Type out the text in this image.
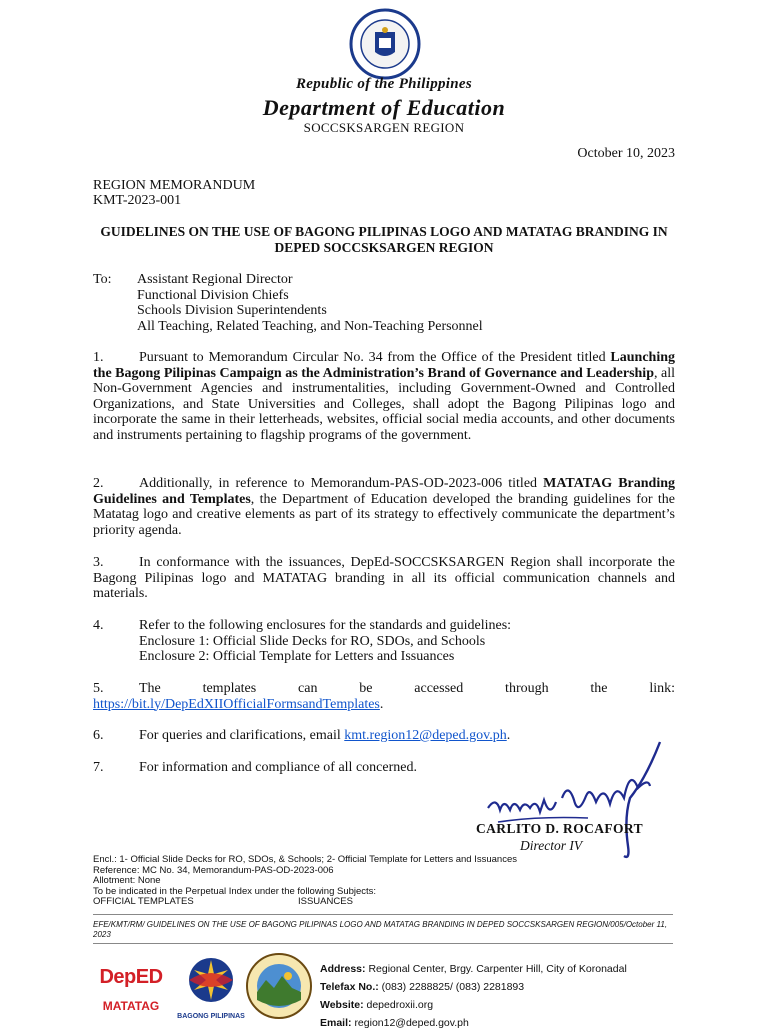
Republic of the Philippines
Department of Education
SOCCSKSARGEN REGION
October 10, 2023
REGION MEMORANDUM
KMT-2023-001
GUIDELINES ON THE USE OF BAGONG PILIPINAS LOGO AND MATATAG BRANDING IN DEPED SOCCSKSARGEN REGION
To: Assistant Regional Director
Functional Division Chiefs
Schools Division Superintendents
All Teaching, Related Teaching, and Non-Teaching Personnel
1.	Pursuant to Memorandum Circular No. 34 from the Office of the President titled Launching the Bagong Pilipinas Campaign as the Administration’s Brand of Governance and Leadership, all Non-Government Agencies and instrumentalities, including Government-Owned and Controlled Organizations, and State Universities and Colleges, shall adopt the Bagong Pilipinas logo and incorporate the same in their letterheads, websites, official social media accounts, and other documents and instruments pertaining to flagship programs of the government.
2.	Additionally, in reference to Memorandum-PAS-OD-2023-006 titled MATATAG Branding Guidelines and Templates, the Department of Education developed the branding guidelines for the Matatag logo and creative elements as part of its strategy to effectively communicate the department’s priority agenda.
3.	In conformance with the issuances, DepEd-SOCCSKSARGEN Region shall incorporate the Bagong Pilipinas logo and MATATAG branding in all its official communication channels and materials.
4.	Refer to the following enclosures for the standards and guidelines:
Enclosure 1: Official Slide Decks for RO, SDOs, and Schools
Enclosure 2: Official Template for Letters and Issuances
5.	The templates can be accessed through the link:
https://bit.ly/DepEdXIIOfficialFormsandTemplates.
6.	For queries and clarifications, email kmt.region12@deped.gov.ph.
7.	For information and compliance of all concerned.
CARLITO D. ROCAFORT
Director IV
Encl.: 1- Official Slide Decks for RO, SDOs, & Schools; 2- Official Template for Letters and Issuances
Reference: MC No. 34, Memorandum-PAS-OD-2023-006
Allotment: None
To be indicated in the Perpetual Index under the following Subjects:
OFFICIAL TEMPLATES	ISSUANCES
EFE/KMT/RM/ GUIDELINES ON THE USE OF BAGONG PILIPINAS LOGO AND MATATAG BRANDING IN DEPED SOCCSKSARGEN REGION/005/October 11, 2023
DepED
MATATAG
BAGONG PILIPINAS
Address: Regional Center, Brgy. Carpenter Hill, City of Koronadal
Telefax No.: (083) 2288825/ (083) 2281893
Website: depedroxii.org
Email: region12@deped.gov.ph
